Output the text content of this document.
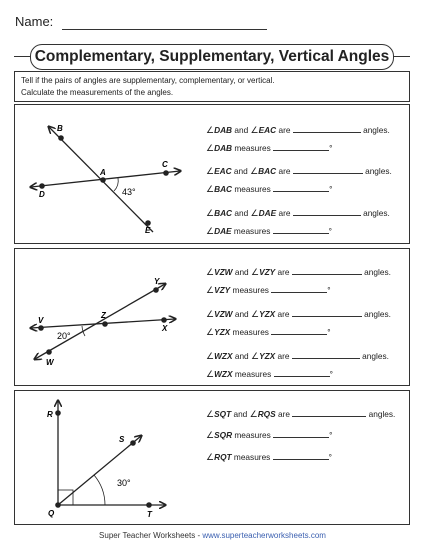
Name:
Complementary, Supplementary, Vertical Angles
Tell if the pairs of angles are supplementary, complementary, or vertical.
Calculate the measurements of the angles.
B
A
C
D
E
43°
∠DAB and ∠EAC are	angles.
∠DAB measures	°
∠EAC and ∠BAC are	angles.
∠BAC measures	°
∠BAC and ∠DAE are	angles.
∠DAE measures	°
Y
Z
V
X
W
20°
∠VZW and ∠VZY are	angles.
∠VZY measures	°
∠VZW and ∠YZX are	angles.
∠YZX measures	°
∠WZX and ∠YZX are	angles.
∠WZX measures	°
R
S
Q	T
30°
∠SQT and ∠RQS are	angles.
∠SQR measures	°
∠RQT measures	°
Super Teacher Worksheets - www.superteacherworksheets.com
